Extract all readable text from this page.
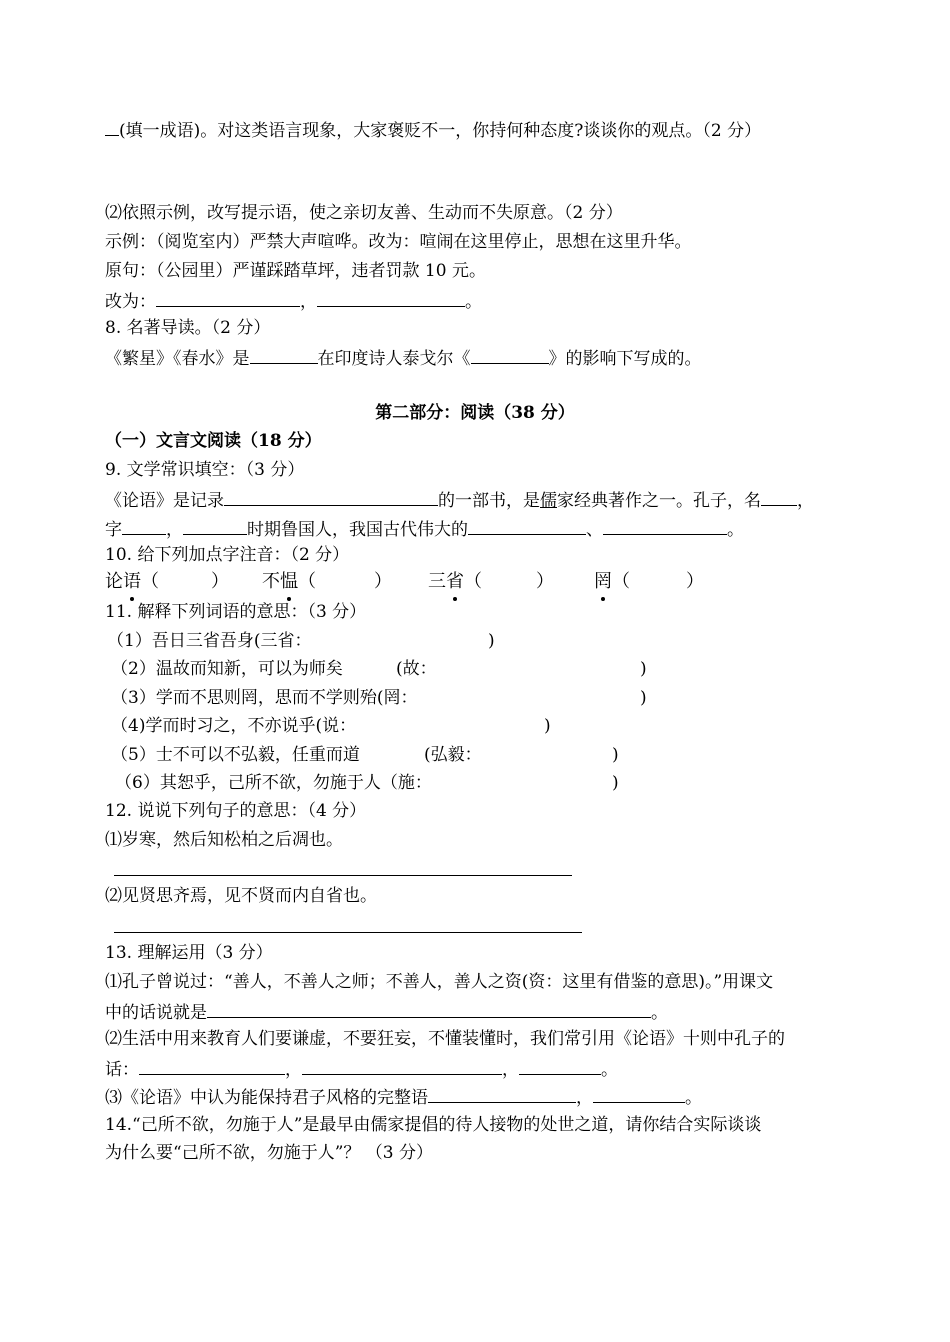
(填一成语)。对这类语言现象，大家褒贬不一，你持何种态度?谈谈你的观点。（2 分）
⑵依照示例，改写提示语，使之亲切友善、生动而不失原意。（2 分）
示例：（阅览室内）严禁大声喧哗。改为：喧闹在这里停止，思想在这里升华。
原句：（公园里）严谨踩踏草坪，违者罚款 10 元。
改为：	，	。
8. 名著导读。（2 分）
《繁星》《春水》是	在印度诗人泰戈尔《	》的影响下写成的。
第二部分：阅读（38 分）
（一）文言文阅读（18 分）
9. 文学常识填空：（3 分）
《论语》是记录	的一部书，是儒家经典著作之一。孔子，名 ，
字	，	时期鲁国人，我国古代伟大的	、	。
10. 给下列加点字注音：（2 分）
论语（	） 不愠（	） 三省（	） 罔（	）
11. 解释下列词语的意思：（3 分）
（1）吾日三省吾身(三省：	)
（2）温故而知新，可以为师矣	(故：	)
（3）学而不思则罔，思而不学则殆(罔：	)
（4)学而时习之，不亦说乎(说：	)
（5）士不可以不弘毅，任重而道	(弘毅：	)
（6）其恕乎，己所不欲，勿施于人（施：	)
12. 说说下列句子的意思：（4 分）
⑴岁寒，然后知松柏之后凋也。
⑵见贤思齐焉，见不贤而内自省也。
13. 理解运用（3 分）
⑴孔子曾说过：“善人，不善人之师；不善人，善人之资(资：这里有借鉴的意思)。”用课文
中的话说就是	。
⑵生活中用来教育人们要谦虚，不要狂妄，不懂装懂时，我们常引用《论语》十则中孔子的
话：	，	，	。
⑶《论语》中认为能保持君子风格的完整语	，	。
14.“己所不欲，勿施于人”是最早由儒家提倡的待人接物的处世之道，请你结合实际谈谈
为什么要“己所不欲，勿施于人”？ （3 分）
